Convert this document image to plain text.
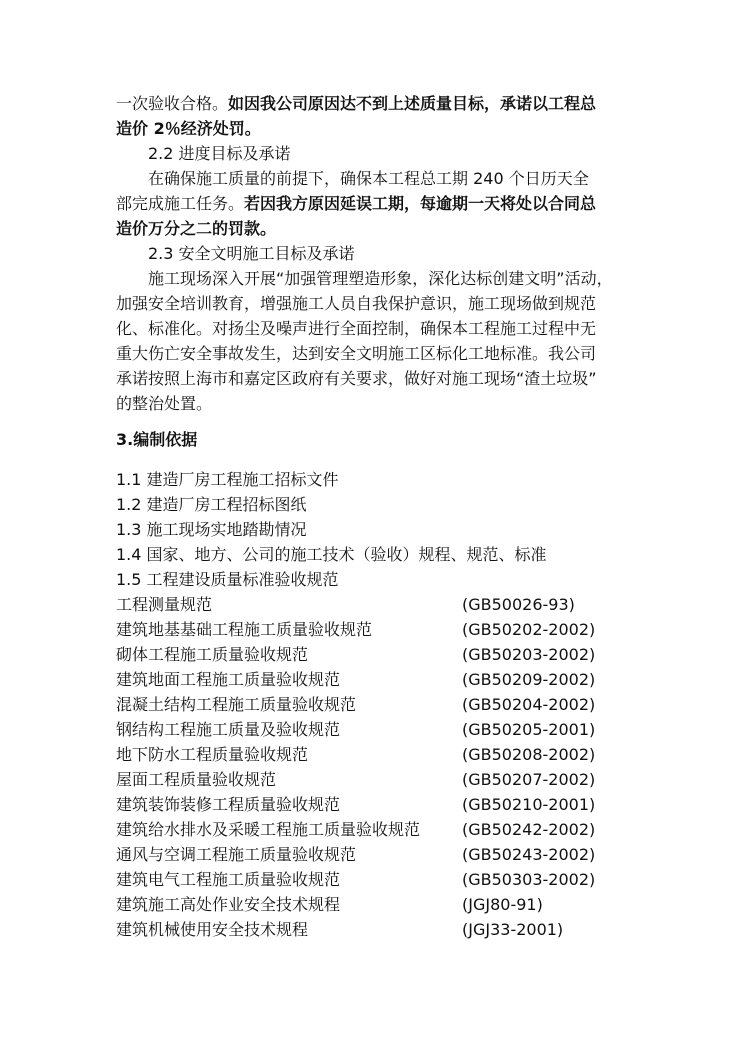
一次验收合格。如因我公司原因达不到上述质量目标，承诺以工程总
造价 2％经济处罚。
2.2 进度目标及承诺
在确保施工质量的前提下，确保本工程总工期 240 个日历天全
部完成施工任务。若因我方原因延误工期，每逾期一天将处以合同总
造价万分之二的罚款。
2.3 安全文明施工目标及承诺
施工现场深入开展“加强管理塑造形象，深化达标创建文明”活动，
加强安全培训教育，增强施工人员自我保护意识，施工现场做到规范
化、标准化。对扬尘及噪声进行全面控制，确保本工程施工过程中无
重大伤亡安全事故发生，达到安全文明施工区标化工地标准。我公司
承诺按照上海市和嘉定区政府有关要求，做好对施工现场“渣土垃圾”
的整治处置。
3.编制依据
1.1 建造厂房工程施工招标文件
1.2 建造厂房工程招标图纸
1.3 施工现场实地踏勘情况
1.4 国家、地方、公司的施工技术（验收）规程、规范、标准
1.5 工程建设质量标准验收规范
工程测量规范	(GB50026-93)
建筑地基基础工程施工质量验收规范	(GB50202-2002)
砌体工程施工质量验收规范	(GB50203-2002)
建筑地面工程施工质量验收规范	(GB50209-2002)
混凝土结构工程施工质量验收规范	(GB50204-2002)
钢结构工程施工质量及验收规范	(GB50205-2001)
地下防水工程质量验收规范	(GB50208-2002)
屋面工程质量验收规范	(GB50207-2002)
建筑装饰装修工程质量验收规范	(GB50210-2001)
建筑给水排水及采暖工程施工质量验收规范	(GB50242-2002)
通风与空调工程施工质量验收规范	(GB50243-2002)
建筑电气工程施工质量验收规范	(GB50303-2002)
建筑施工高处作业安全技术规程	(JGJ80-91)
建筑机械使用安全技术规程	(JGJ33-2001)
